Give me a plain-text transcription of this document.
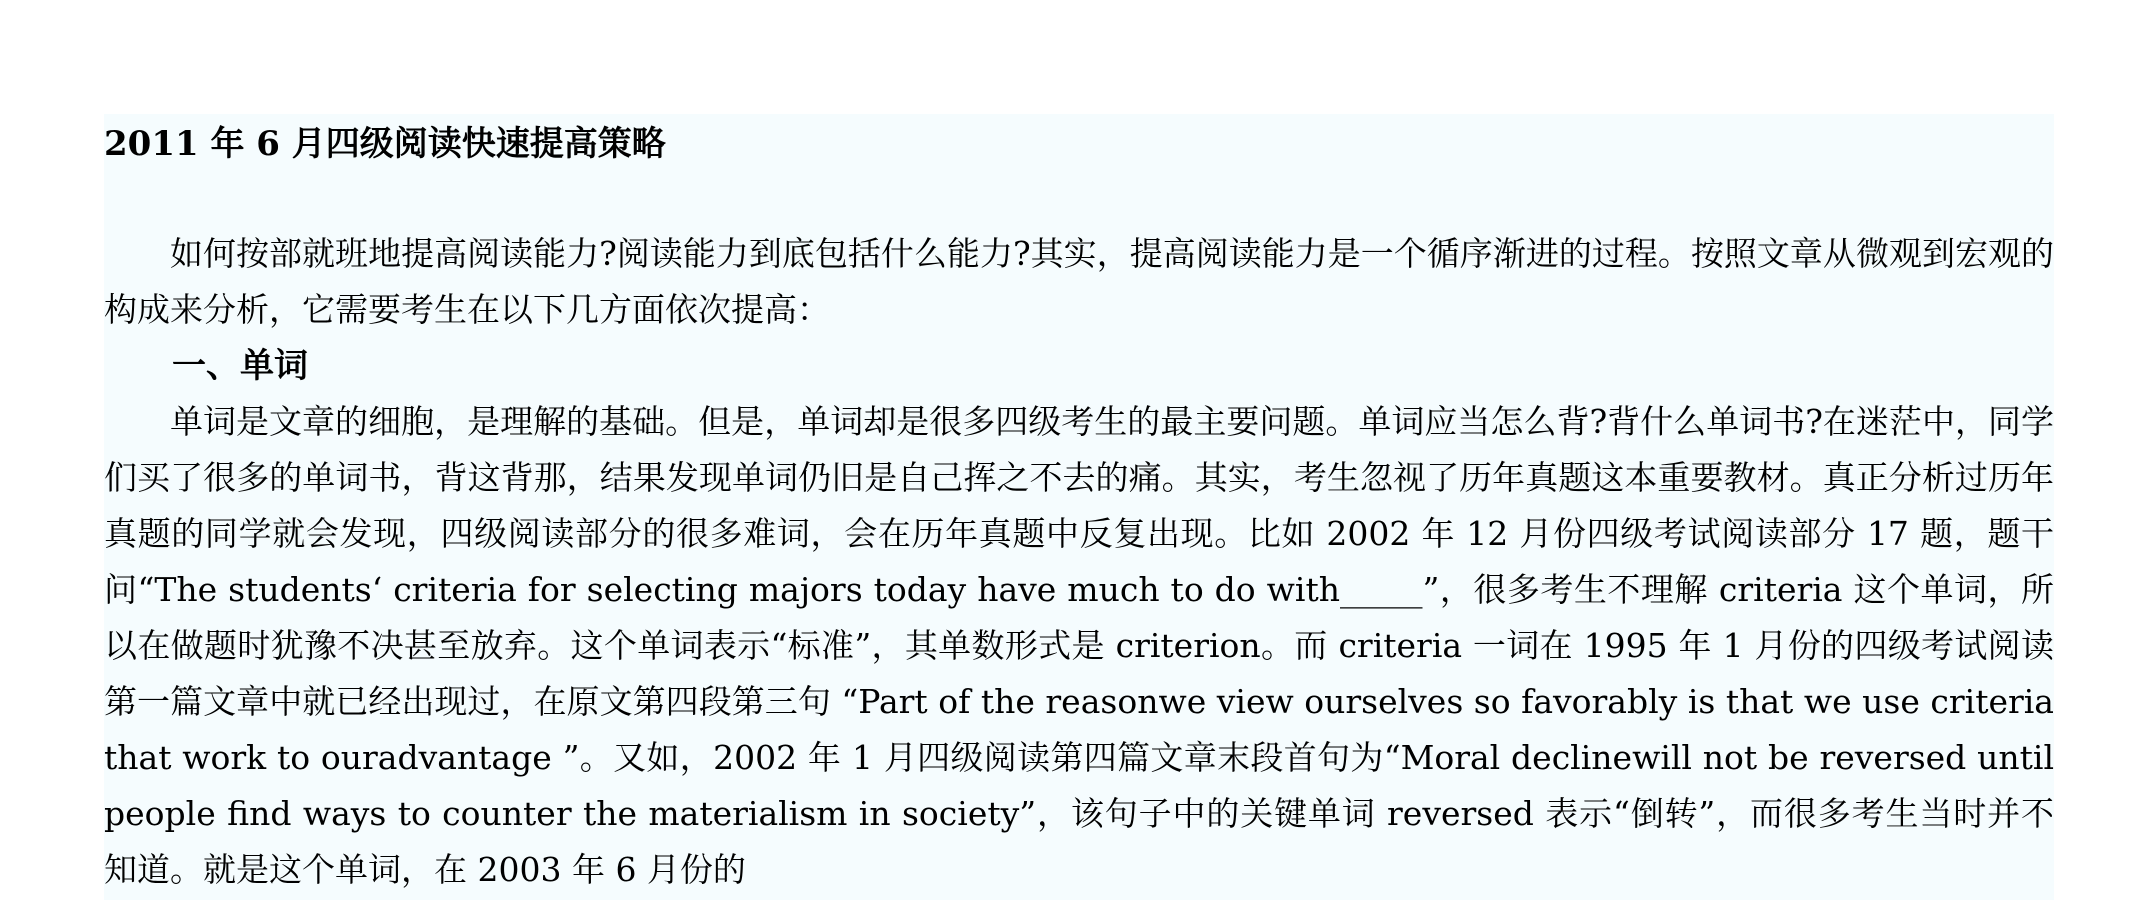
2011 年 6 月四级阅读快速提高策略

如何按部就班地提高阅读能力?阅读能力到底包括什么能力?其实，提高阅读能力是一个循序渐进的过程。按照文章从微观到宏观的构成来分析，它需要考生在以下几方面依次提高：

一、单词

单词是文章的细胞，是理解的基础。但是，单词却是很多四级考生的最主要问题。单词应当怎么背?背什么单词书?在迷茫中，同学们买了很多的单词书，背这背那，结果发现单词仍旧是自己挥之不去的痛。其实，考生忽视了历年真题这本重要教材。真正分析过历年真题的同学就会发现，四级阅读部分的很多难词，会在历年真题中反复出现。比如 2002 年 12 月份四级考试阅读部分 17 题，题干问“The students‘ criteria for selecting majors today have much to do with_____”，很多考生不理解 criteria 这个单词，所以在做题时犹豫不决甚至放弃。这个单词表示“标准”，其单数形式是 criterion。而 criteria 一词在 1995 年 1 月份的四级考试阅读第一篇文章中就已经出现过，在原文第四段第三句 “Part of the reasonwe view ourselves so favorably is that we use criteria that work to ouradvantage ”。又如，2002 年 1 月四级阅读第四篇文章末段首句为“Moral declinewill not be reversed until people find ways to counter the materialism in society”，该句子中的关键单词 reversed 表示“倒转”，而很多考生当时并不知道。就是这个单词，在 2003 年 6 月份的
